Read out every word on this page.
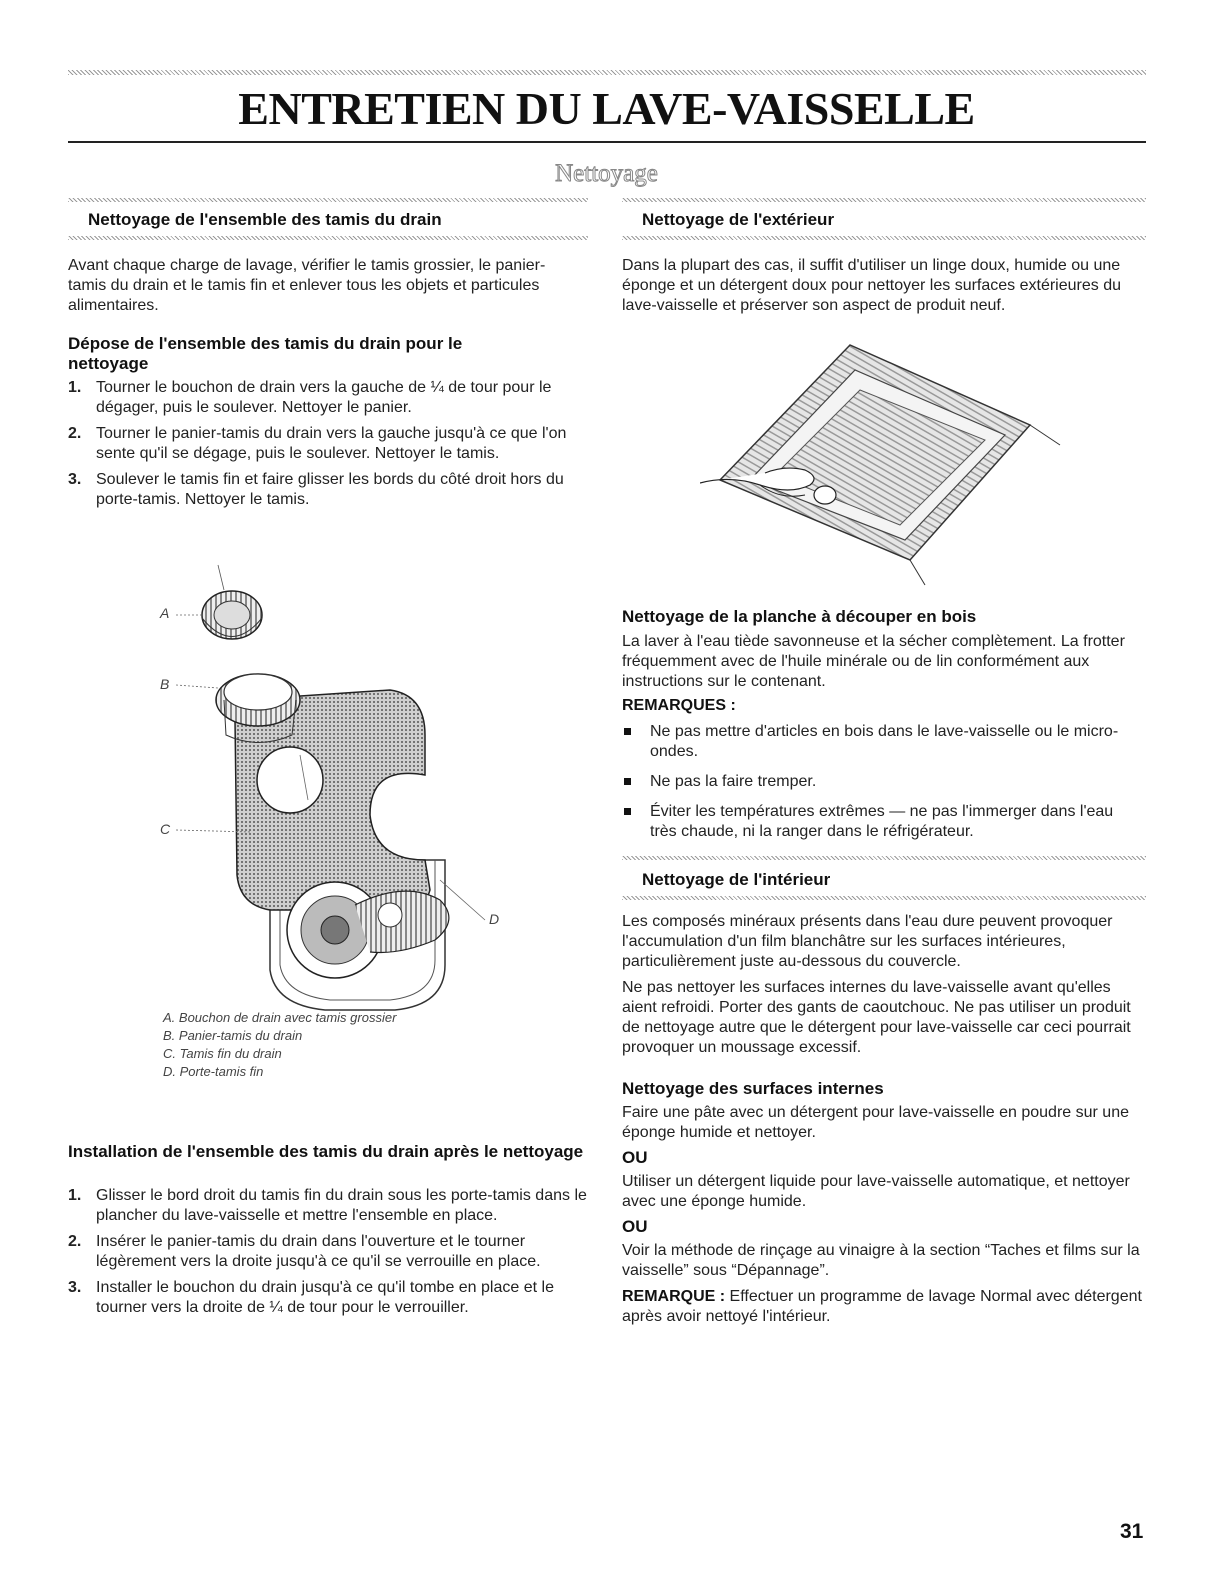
ENTRETIEN DU LAVE-VAISSELLE
Nettoyage
Nettoyage de l'ensemble des tamis du drain
Avant chaque charge de lavage, vérifier le tamis grossier, le panier-tamis du drain et le tamis fin et enlever tous les objets et particules alimentaires.
Dépose de l'ensemble des tamis du drain pour le nettoyage
1. Tourner le bouchon de drain vers la gauche de ¼ de tour pour le dégager, puis le soulever. Nettoyer le panier.
2. Tourner le panier-tamis du drain vers la gauche jusqu'à ce que l'on sente qu'il se dégage, puis le soulever. Nettoyer le tamis.
3. Soulever le tamis fin et faire glisser les bords du côté droit hors du porte-tamis. Nettoyer le tamis.
A
B
C
D
A. Bouchon de drain avec tamis grossier
B. Panier-tamis du drain
C. Tamis fin du drain
D. Porte-tamis fin
Installation de l'ensemble des tamis du drain après le nettoyage
1. Glisser le bord droit du tamis fin du drain sous les porte-tamis dans le plancher du lave-vaisselle et mettre l'ensemble en place.
2. Insérer le panier-tamis du drain dans l'ouverture et le tourner légèrement vers la droite jusqu'à ce qu'il se verrouille en place.
3. Installer le bouchon du drain jusqu'à ce qu'il tombe en place et le tourner vers la droite de ¼ de tour pour le verrouiller.
Nettoyage de l'extérieur
Dans la plupart des cas, il suffit d'utiliser un linge doux, humide ou une éponge et un détergent doux pour nettoyer les surfaces extérieures du lave-vaisselle et préserver son aspect de produit neuf.
Nettoyage de la planche à découper en bois
La laver à l'eau tiède savonneuse et la sécher complètement. La frotter fréquemment avec de l'huile minérale ou de lin conformément aux instructions sur le contenant.
REMARQUES :
Ne pas mettre d'articles en bois dans le lave-vaisselle ou le micro-ondes.
Ne pas la faire tremper.
Éviter les températures extrêmes — ne pas l'immerger dans l'eau très chaude, ni la ranger dans le réfrigérateur.
Nettoyage de l'intérieur
Les composés minéraux présents dans l'eau dure peuvent provoquer l'accumulation d'un film blanchâtre sur les surfaces intérieures, particulièrement juste au-dessous du couvercle.
Ne pas nettoyer les surfaces internes du lave-vaisselle avant qu'elles aient refroidi. Porter des gants de caoutchouc. Ne pas utiliser un produit de nettoyage autre que le détergent pour lave-vaisselle car ceci pourrait provoquer un moussage excessif.
Nettoyage des surfaces internes
Faire une pâte avec un détergent pour lave-vaisselle en poudre sur une éponge humide et nettoyer.
OU
Utiliser un détergent liquide pour lave-vaisselle automatique, et nettoyer avec une éponge humide.
OU
Voir la méthode de rinçage au vinaigre à la section “Taches et films sur la vaisselle” sous “Dépannage”.
REMARQUE : Effectuer un programme de lavage Normal avec détergent après avoir nettoyé l'intérieur.
31
